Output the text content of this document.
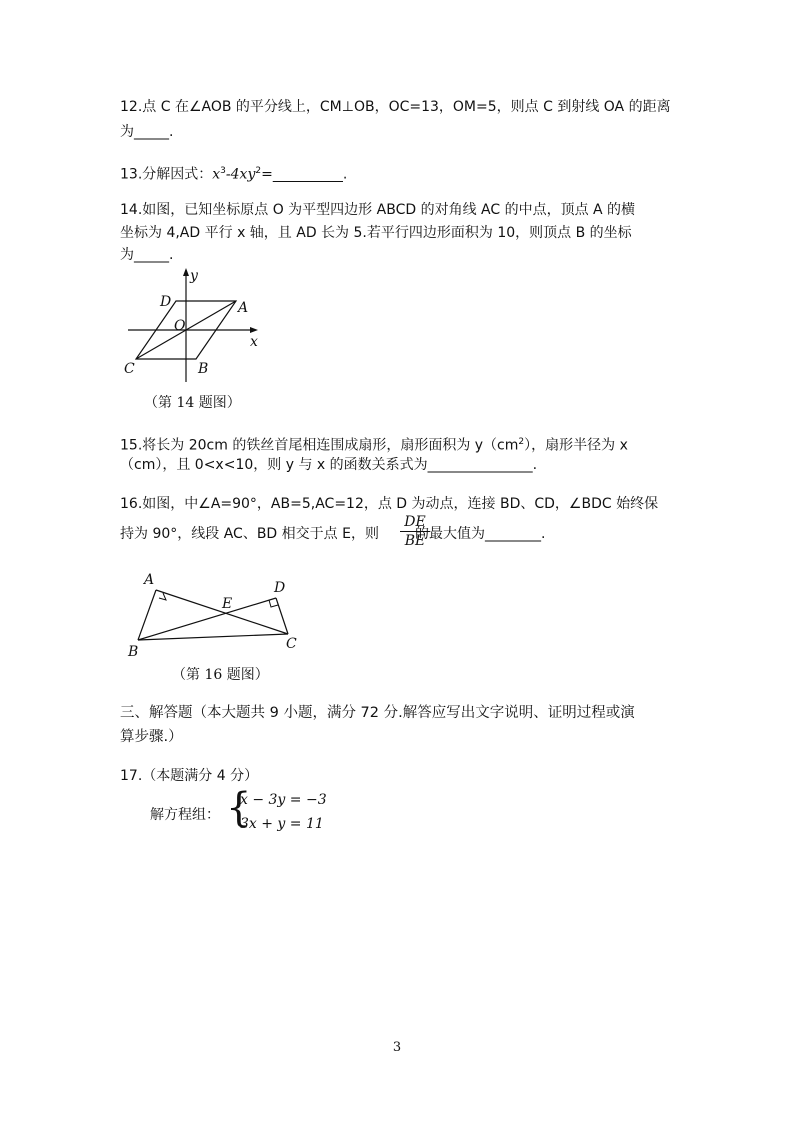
12.点 C 在∠AOB 的平分线上，CM⊥OB，OC=13，OM=5，则点 C 到射线 OA 的距离
为_____.
13.分解因式：$x^3-4xy^2=\_\_\_\_\_\_\_\_\_\_$.
14.如图，已知坐标原点 O 为平型四边形 ABCD 的对角线 AC 的中点，顶点 A 的横
坐标为 4,AD 平行 x 轴，且 AD 长为 5.若平行四边形面积为 10，则顶点 B 的坐标
为_____.
y
x
D	A
O
C	B
（第 14 题图）
15.将长为 20cm 的铁丝首尾相连围成扇形，扇形面积为 $y(cm^2)$，扇形半径为 x
（cm），且 0<x<10，则 y 与 x 的函数关系式为_______________.
16.如图，中∠A=90°，AB=5,AC=12，点 D 为动点，连接 BD、CD，∠BDC 始终保
持为 90°，线段 AC、BD 相交于点 E，则	的最大值为________.
$\frac{DE}{BE}$
A
E
D
B	C
（第 16 题图）
三、解答题（本大题共 9 小题，满分 72 分.解答应写出文字说明、证明过程或演
算步骤.）
17.（本题满分 4 分）
解方程组： {
x − 3y = −3
3x + y = 11
3
